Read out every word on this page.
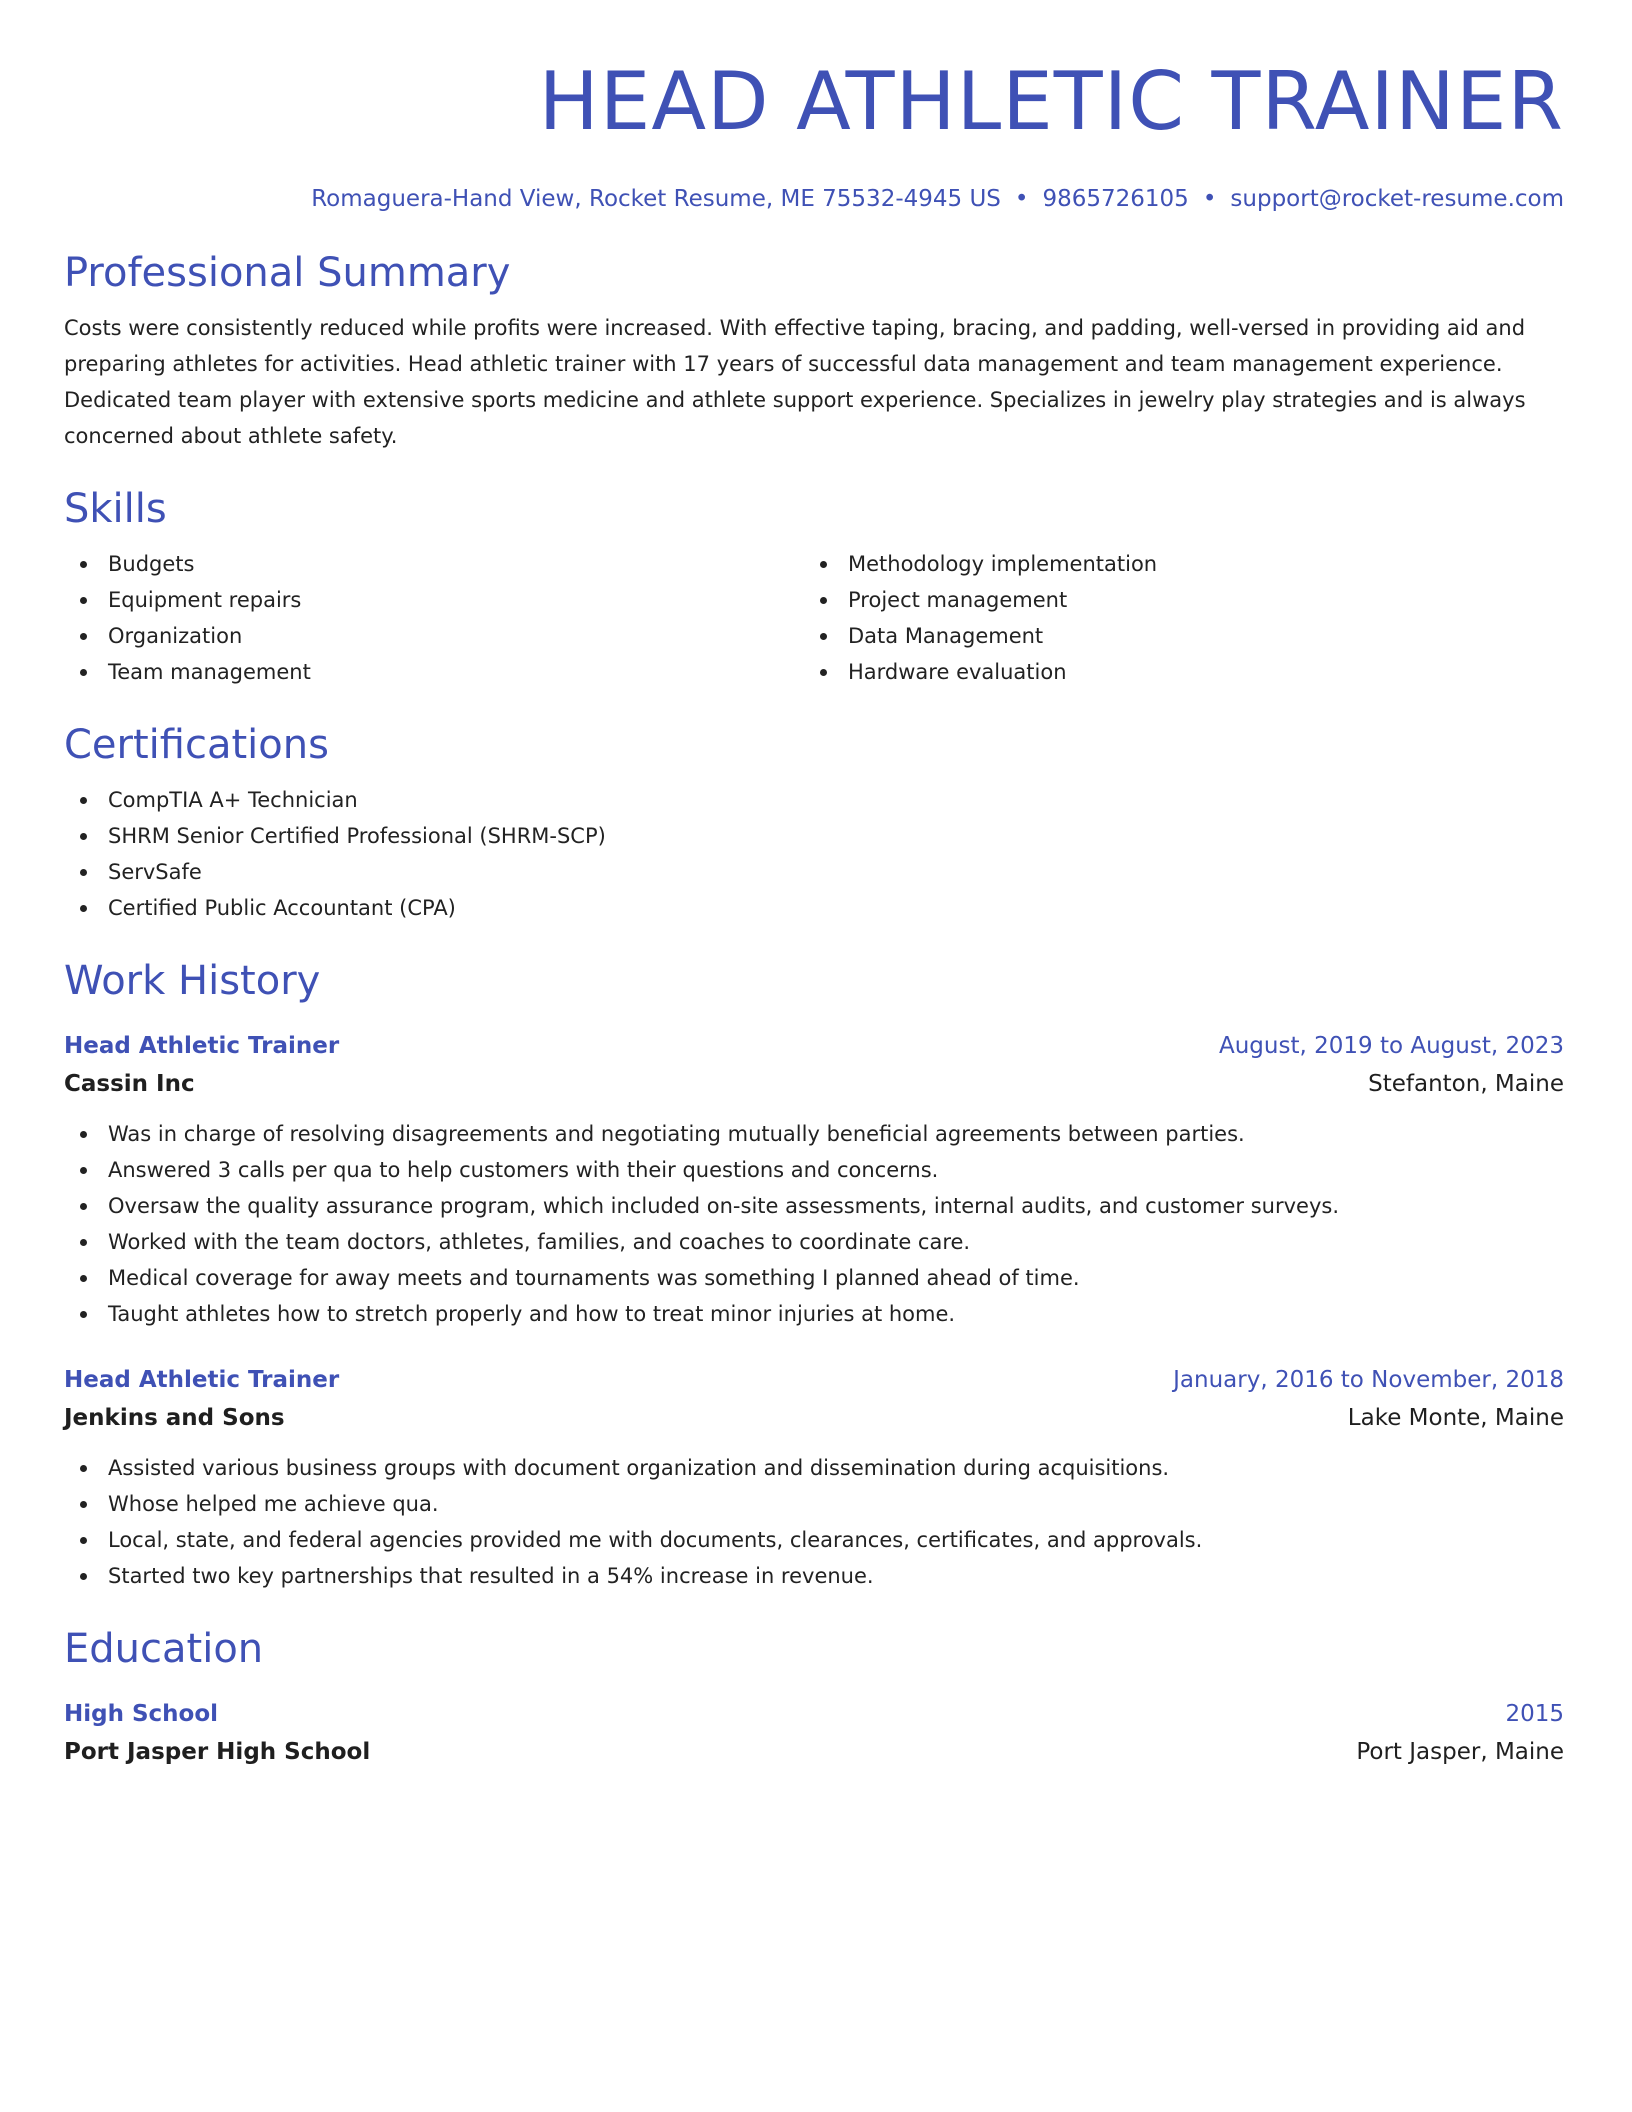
HEAD ATHLETIC TRAINER
Romaguera-Hand View, Rocket Resume, ME 75532-4945 US • 9865726105 • support@rocket-resume.com
Professional Summary
Costs were consistently reduced while profits were increased. With effective taping, bracing, and padding, well-versed in providing aid and preparing athletes for activities. Head athletic trainer with 17 years of successful data management and team management experience. Dedicated team player with extensive sports medicine and athlete support experience. Specializes in jewelry play strategies and is always concerned about athlete safety.
Skills
Budgets
Equipment repairs
Organization
Team management
Methodology implementation
Project management
Data Management
Hardware evaluation
Certifications
CompTIA A+ Technician
SHRM Senior Certified Professional (SHRM-SCP)
ServSafe
Certified Public Accountant (CPA)
Work History
Head Athletic Trainer	August, 2019 to August, 2023
Cassin Inc	Stefanton, Maine
Was in charge of resolving disagreements and negotiating mutually beneficial agreements between parties.
Answered 3 calls per qua to help customers with their questions and concerns.
Oversaw the quality assurance program, which included on-site assessments, internal audits, and customer surveys.
Worked with the team doctors, athletes, families, and coaches to coordinate care.
Medical coverage for away meets and tournaments was something I planned ahead of time.
Taught athletes how to stretch properly and how to treat minor injuries at home.
Head Athletic Trainer	January, 2016 to November, 2018
Jenkins and Sons	Lake Monte, Maine
Assisted various business groups with document organization and dissemination during acquisitions.
Whose helped me achieve qua.
Local, state, and federal agencies provided me with documents, clearances, certificates, and approvals.
Started two key partnerships that resulted in a 54% increase in revenue.
Education
High School	2015
Port Jasper High School	Port Jasper, Maine
